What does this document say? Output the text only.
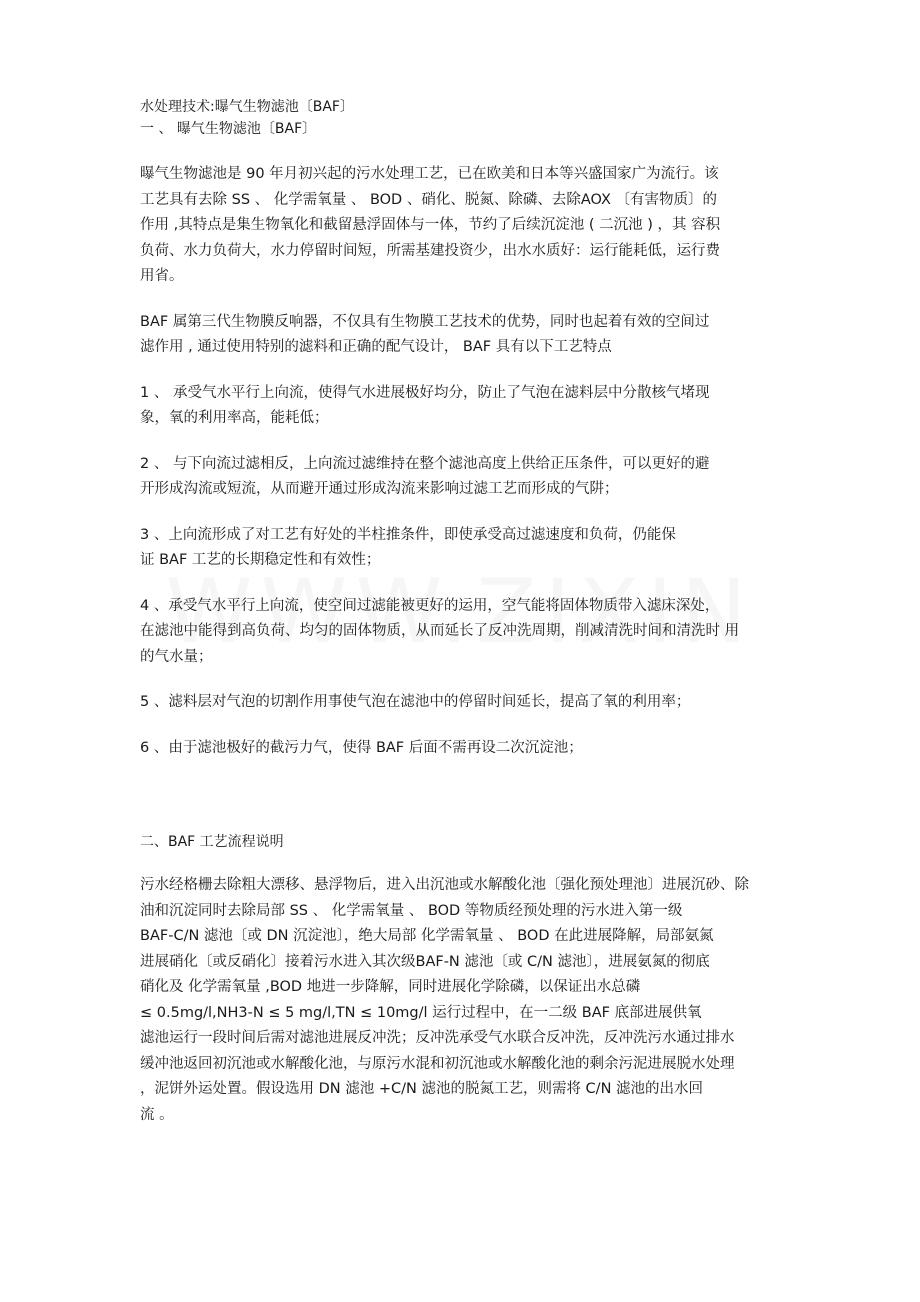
水处理技术:曝气生物滤池〔BAF〕
一 、 曝气生物滤池〔BAF〕
曝气生物滤池是 90 年月初兴起的污水处理工艺，已在欧美和日本等兴盛国家广为流行。该
工艺具有去除 SS 、 化学需氧量 、 BOD 、硝化、脱氮、除磷、去除AOX 〔有害物质〕的
作用 ,其特点是集生物氧化和截留悬浮固体与一体，节约了后续沉淀池 ( 二沉池 ) ，其 容积
负荷、水力负荷大，水力停留时间短，所需基建投资少，出水水质好：运行能耗低，运行费
用省。
BAF 属第三代生物膜反响器，不仅具有生物膜工艺技术的优势，同时也起着有效的空间过
滤作用 , 通过使用特别的滤料和正确的配气设计， BAF 具有以下工艺特点
1 、 承受气水平行上向流，使得气水进展极好均分，防止了气泡在滤料层中分散核气堵现
象，氧的利用率高，能耗低；
2 、 与下向流过滤相反，上向流过滤维持在整个滤池高度上供给正压条件，可以更好的避
开形成沟流或短流，从而避开通过形成沟流来影响过滤工艺而形成的气阱；
3 、上向流形成了对工艺有好处的半柱推条件，即使承受高过滤速度和负荷，仍能保
证 BAF 工艺的长期稳定性和有效性；
4 、承受气水平行上向流，使空间过滤能被更好的运用，空气能将固体物质带入滤床深处，
在滤池中能得到高负荷、均匀的固体物质，从而延长了反冲洗周期，削减清洗时间和清洗时 用
的气水量；
5 、滤料层对气泡的切割作用事使气泡在滤池中的停留时间延长，提高了氧的利用率；
6 、由于滤池极好的截污力气，使得 BAF 后面不需再设二次沉淀池；
二、BAF 工艺流程说明
污水经格栅去除粗大漂移、悬浮物后，进入出沉池或水解酸化池〔强化预处理池〕进展沉砂、除
油和沉淀同时去除局部 SS 、 化学需氧量 、 BOD 等物质经预处理的污水进入第一级
BAF-C/N 滤池〔或 DN 沉淀池〕，绝大局部 化学需氧量 、 BOD 在此进展降解，局部氨氮
进展硝化〔或反硝化〕接着污水进入其次级BAF-N 滤池〔或 C/N 滤池〕，进展氨氮的彻底
硝化及 化学需氧量 ,BOD 地进一步降解，同时进展化学除磷，以保证出水总磷
≤ 0.5mg/l,NH3-N ≤ 5 mg/l,TN ≤ 10mg/l 运行过程中，在一二级 BAF 底部进展供氧
滤池运行一段时间后需对滤池进展反冲洗；反冲洗承受气水联合反冲洗，反冲洗污水通过排水
缓冲池返回初沉池或水解酸化池，与原污水混和初沉池或水解酸化池的剩余污泥进展脱水处理
，泥饼外运处置。假设选用 DN 滤池 +C/N 滤池的脱氮工艺，则需将 C/N 滤池的出水回
流 。
